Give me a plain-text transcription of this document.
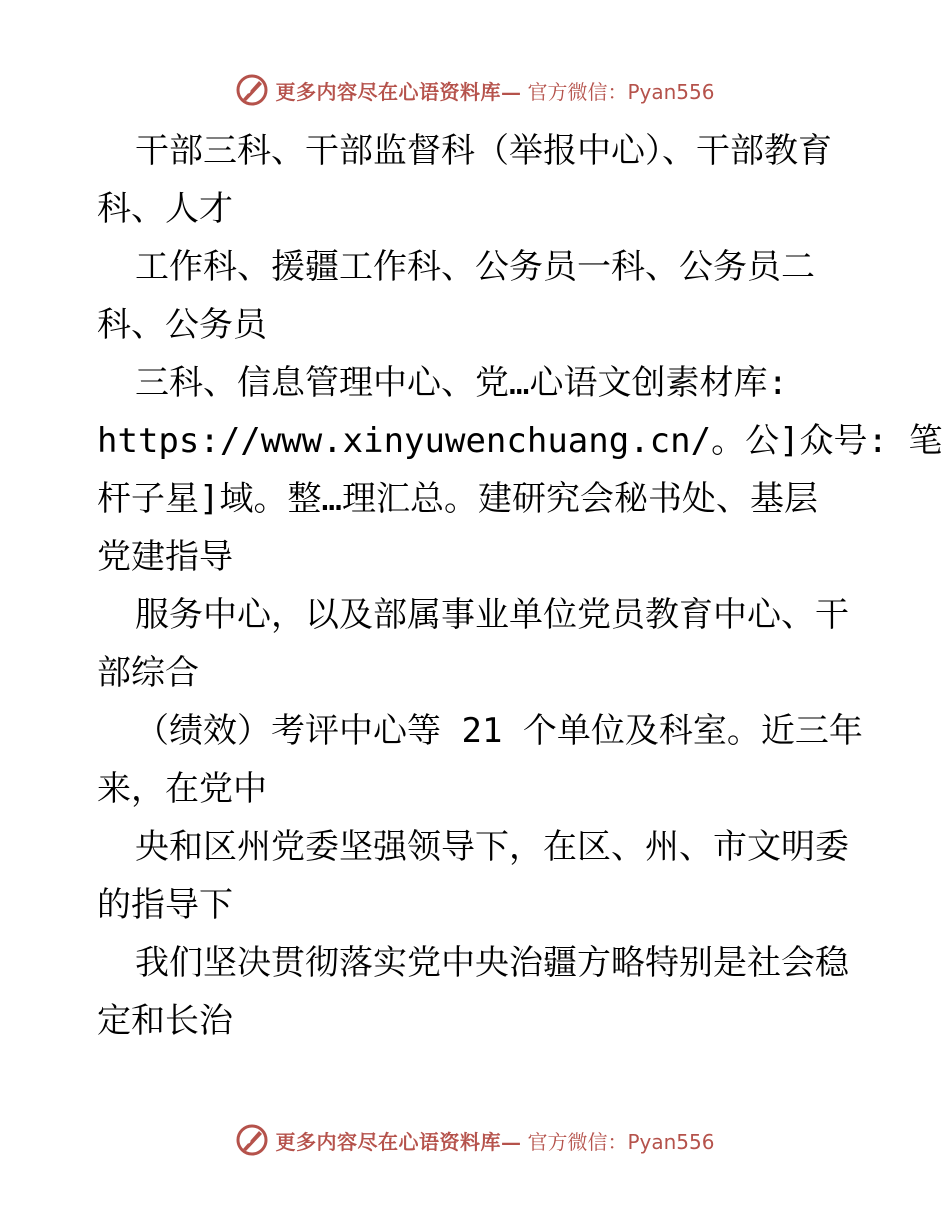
更多内容尽在心语资料库— 官方微信：Pyan556
干部三科、干部监督科（举报中心）、干部教育
科、人才
工作科、援疆工作科、公务员一科、公务员二
科、公务员
三科、信息管理中心、党…心语文创素材库:
https://www.xinyuwenchuang.cn/。公]众号: 笔
杆子星]域。整…理汇总。建研究会秘书处、基层
党建指导
服务中心，以及部属事业单位党员教育中心、干
部综合
（绩效）考评中心等 21 个单位及科室。近三年
来，在党中
央和区州党委坚强领导下，在区、州、市文明委
的指导下
我们坚决贯彻落实党中央治疆方略特别是社会稳
定和长治
更多内容尽在心语资料库— 官方微信：Pyan556
